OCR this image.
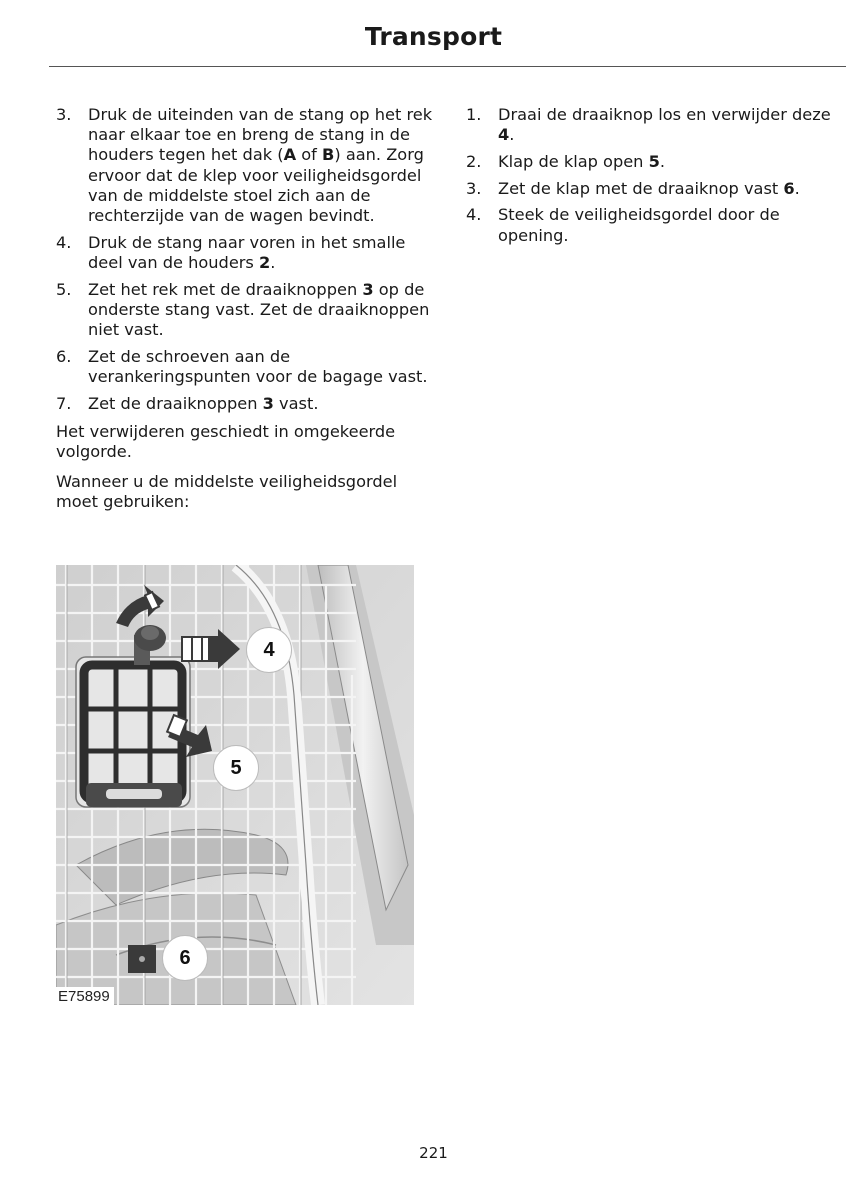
Transport
3. Druk de uiteinden van de stang op het rek naar elkaar toe en breng de stang in de houders tegen het dak (A of B) aan. Zorg ervoor dat de klep voor veiligheidsgordel van de middelste stoel zich aan de rechterzijde van de wagen bevindt.
4. Druk de stang naar voren in het smalle deel van de houders 2.
5. Zet het rek met de draaiknoppen 3 op de onderste stang vast. Zet de draaiknoppen niet vast.
6. Zet de schroeven aan de verankeringspunten voor de bagage vast.
7. Zet de draaiknoppen 3 vast.

Het verwijderen geschiedt in omgekeerde volgorde.

Wanneer u de middelste veiligheidsgordel moet gebruiken:

1. Draai de draaiknop los en verwijder deze 4.
2. Klap de klap open 5.
3. Zet de klap met de draaiknop vast 6.
4. Steek de veiligheidsgordel door de opening.
4
5
6
E75899
221
